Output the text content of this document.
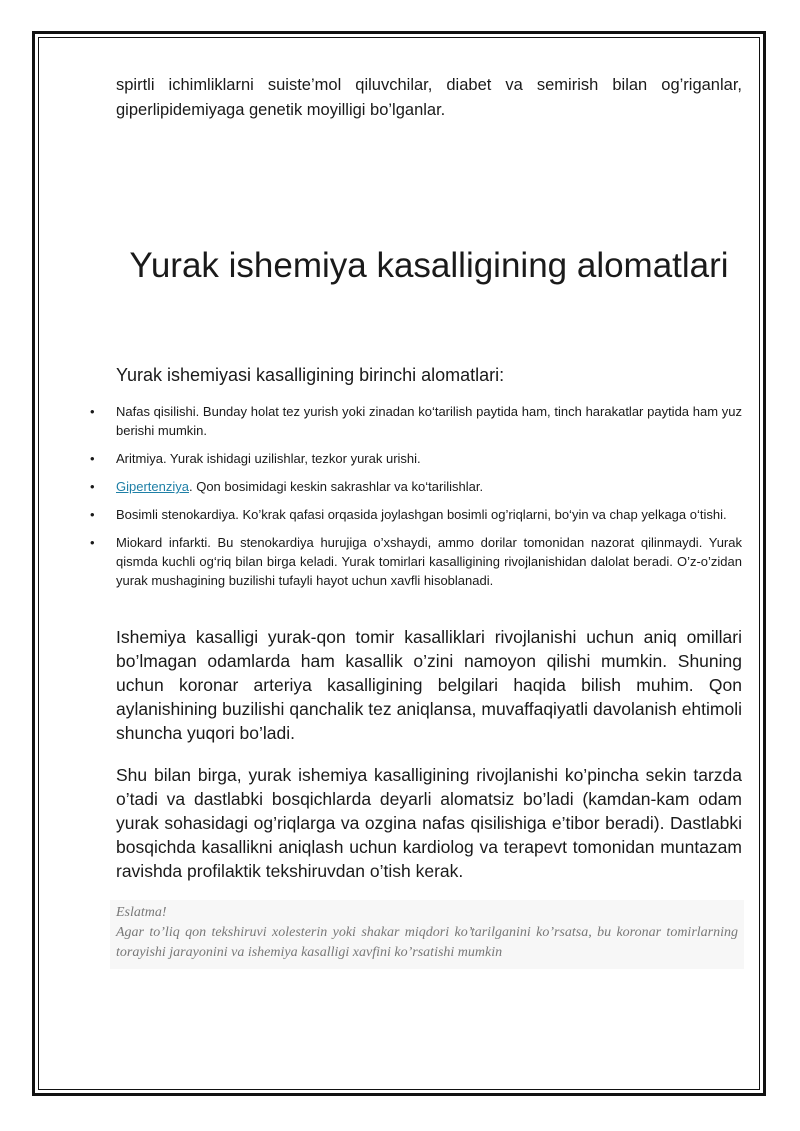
spirtli ichimliklarni suiste’mol qiluvchilar, diabet va semirish bilan og’riganlar, giperlipidemiyaga genetik moyilligi bo’lganlar.

Yurak ishemiya kasalligining alomatlari

Yurak ishemiyasi kasalligining birinchi alomatlari:

• Nafas qisilishi. Bunday holat tez yurish yoki zinadan ko‘tarilish paytida ham, tinch harakatlar paytida ham yuz berishi mumkin.
• Aritmiya. Yurak ishidagi uzilishlar, tezkor yurak urishi.
• Gipertenziya. Qon bosimidagi keskin sakrashlar va ko‘tarilishlar.
• Bosimli stenokardiya. Ko’krak qafasi orqasida joylashgan bosimli og’riqlarni, bo‘yin va chap yelkaga o‘tishi.
• Miokard infarkti. Bu stenokardiya hurujiga o’xshaydi, ammo dorilar tomonidan nazorat qilinmaydi. Yurak qismda kuchli og‘riq bilan birga keladi. Yurak tomirlari kasalligining rivojlanishidan dalolat beradi. O’z-o’zidan yurak mushagining buzilishi tufayli hayot uchun xavfli hisoblanadi.

Ishemiya kasalligi yurak-qon tomir kasalliklari rivojlanishi uchun aniq omillari bo’lmagan odamlarda ham kasallik o’zini namoyon qilishi mumkin. Shuning uchun koronar arteriya kasalligining belgilari haqida bilish muhim. Qon aylanishining buzilishi qanchalik tez aniqlansa, muvaffaqiyatli davolanish ehtimoli shuncha yuqori bo’ladi.

Shu bilan birga, yurak ishemiya kasalligining rivojlanishi ko’pincha sekin tarzda o’tadi va dastlabki bosqichlarda deyarli alomatsiz bo’ladi (kamdan-kam odam yurak sohasidagi og’riqlarga va ozgina nafas qisilishiga e’tibor beradi). Dastlabki bosqichda kasallikni aniqlash uchun kardiolog va terapevt tomonidan muntazam ravishda profilaktik tekshiruvdan o’tish kerak.

Eslatma!

Agar to’liq qon tekshiruvi xolesterin yoki shakar miqdori ko’tarilganini ko’rsatsa, bu koronar tomirlarning torayishi jarayonini va ishemiya kasalligi xavfini ko’rsatishi mumkin
